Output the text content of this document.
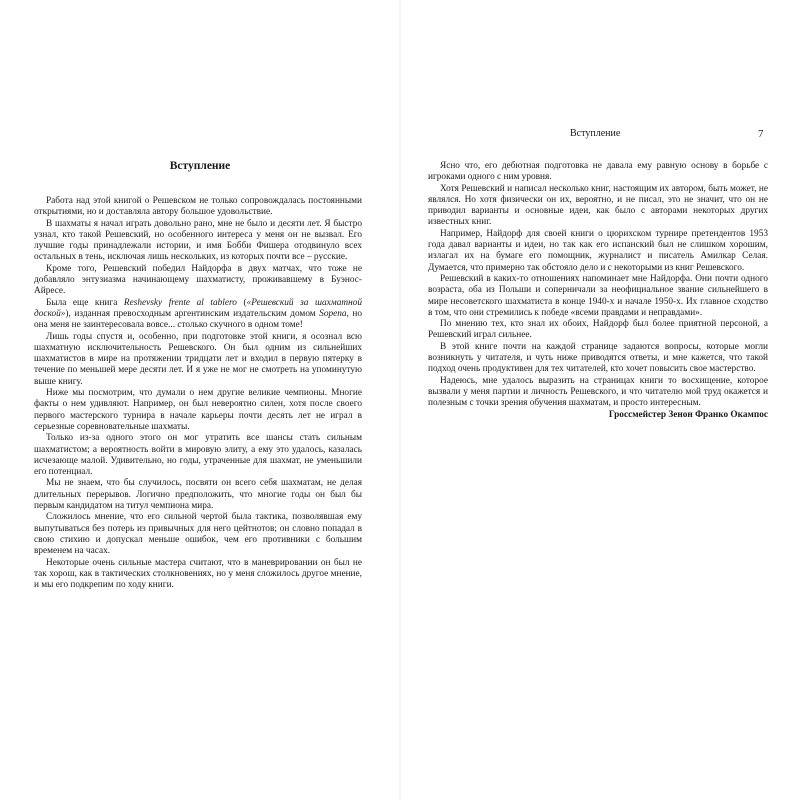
Вступление

Работа над этой книгой о Решевском не только сопровождалась постоянными открытиями, но и доставляла автору большое удовольствие.

В шахматы я начал играть довольно рано, мне не было и десяти лет. Я быстро узнал, кто такой Решевский, но особенного интереса у меня он не вызвал. Его лучшие годы принадлежали истории, и имя Бобби Фишера отодвинуло всех остальных в тень, исключая лишь нескольких, из которых почти все – русские.

Кроме того, Решевский победил Найдорфа в двух матчах, что тоже не добавляло энтузиазма начинающему шахматисту, проживавшему в Буэнос-Айресе.

Была еще книга Reshevsky frente al tablero («Решевский за шахматной доской»), изданная превосходным аргентинским издательским домом Sopena, но она меня не заинтересовала вовсе... столько скучного в одном томе!

Лишь годы спустя и, особенно, при подготовке этой книги, я осознал всю шахматную исключительность Решевского. Он был одним из сильнейших шахматистов в мире на протяжении тридцати лет и входил в первую пятерку в течение по меньшей мере десяти лет. И я уже не мог не смотреть на упоминутую выше книгу.

Ниже мы посмотрим, что думали о нем другие великие чемпионы. Многие факты о нем удивляют. Например, он был невероятно силен, хотя после своего первого мастерского турнира в начале карьеры почти десять лет не играл в серьезные соревновательные шахматы.

Только из-за одного этого он мог утратить все шансы стать сильным шахматистом; а вероятность войти в мировую элиту, а ему это удалось, казалась исчезающе малой. Удивительно, но годы, утраченные для шахмат, не уменьшили его потенциал.

Мы не знаем, что бы случилось, посвяти он всего себя шахматам, не делая длительных перерывов. Логично предположить, что многие годы он был бы первым кандидатом на титул чемпиона мира.

Сложилось мнение, что его сильной чертой была тактика, позволявшая ему выпутываться без потерь из привычных для него цейтнотов; он словно попадал в свою стихию и допускал меньше ошибок, чем его противники с большим временем на часах.

Некоторые очень сильные мастера считают, что в маневрировании он был не так хорош, как в тактических столкновениях, но у меня сложилось другое мнение, и мы его подкрепим по ходу книги.

Вступление	7

Ясно что, его дебютная подготовка не давала ему равную основу в борьбе с игроками одного с ним уровня.

Хотя Решевский и написал несколько книг, настоящим их автором, быть может, не являлся. Но хотя физически он их, вероятно, и не писал, это не значит, что он не приводил варианты и основные идеи, как было с авторами некоторых других известных книг.

Например, Найдорф для своей книги о цюрихском турнире претендентов 1953 года давал варианты и идеи, но так как его испанский был не слишком хорошим, излагал их на бумаге его помощник, журналист и писатель Амилкар Селая. Думается, что примерно так обстояло дело и с некоторыми из книг Решевского.

Решевский в каких-то отношениях напоминает мне Найдорфа. Они почти одного возраста, оба из Польши и соперничали за неофициальное звание сильнейшего в мире несоветского шахматиста в конце 1940-х и начале 1950-х. Их главное сходство в том, что они стремились к победе «всеми правдами и неправдами».

По мнению тех, кто знал их обоих, Найдорф был более приятной персоной, а Решевский играл сильнее.

В этой книге почти на каждой странице задаются вопросы, которые могли возникнуть у читателя, и чуть ниже приводятся ответы, и мне кажется, что такой подход очень продуктивен для тех читателей, кто хочет повысить свое мастерство.

Надеюсь, мне удалось выразить на страницах книги то восхищение, которое вызвали у меня партии и личность Решевского, и что читателю мой труд окажется и полезным с точки зрения обучения шахматам, и просто интересным.

Гроссмейстер Зенон Франко Окампос
